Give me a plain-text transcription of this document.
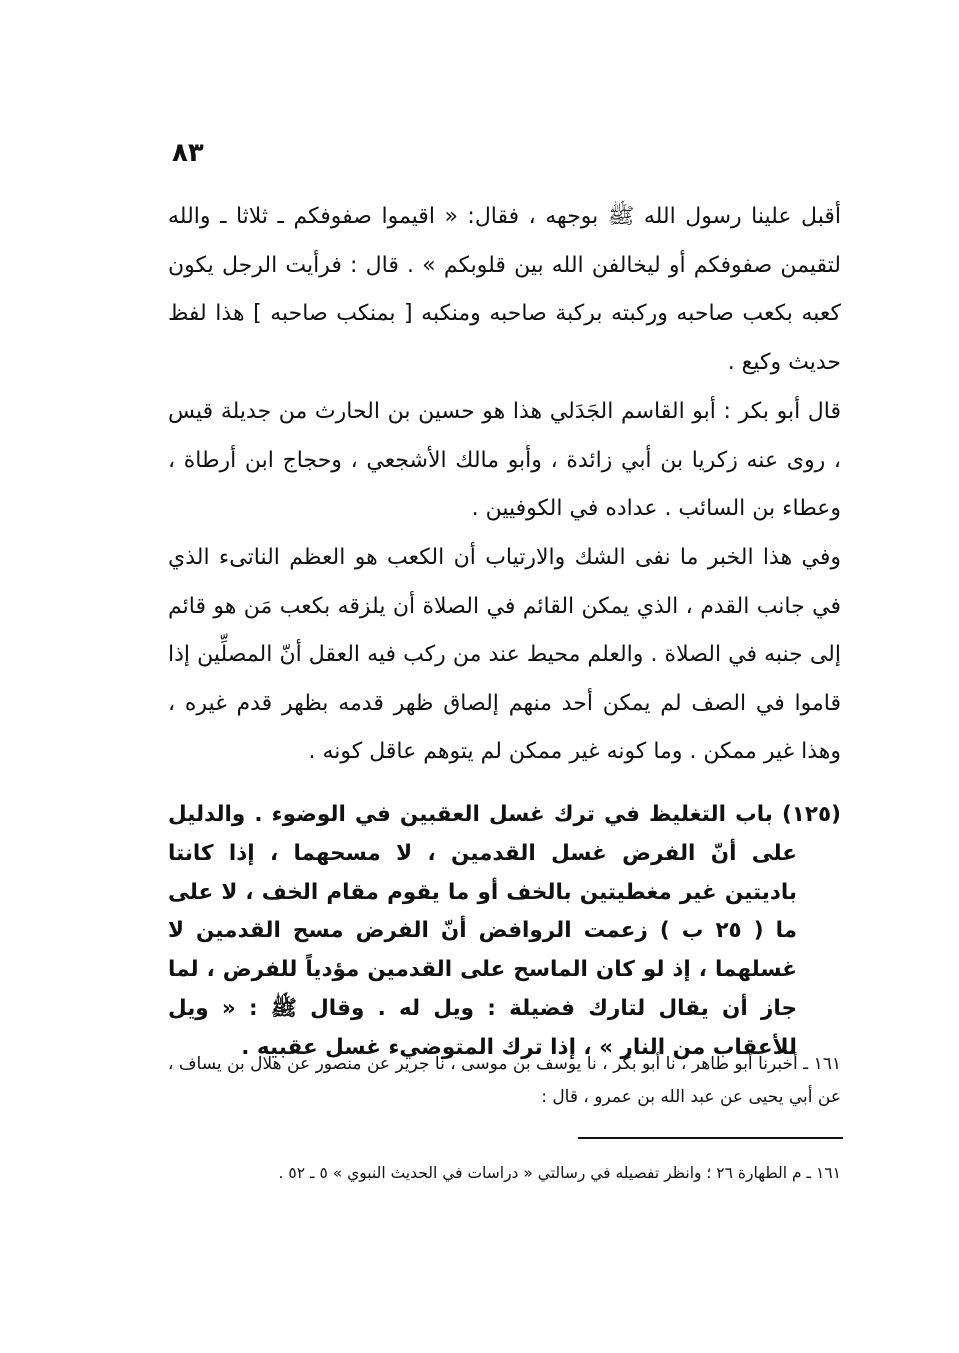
٨٣

أقبل علينا رسول الله ﷺ بوجهه ، فقال: « اقيموا صفوفكم ـ ثلاثا ـ والله لتقيمن صفوفكم أو ليخالفن الله بين قلوبكم » . قال : فرأيت الرجل يكون كعبه بكعب صاحبه وركبته بركبة صاحبه ومنكبه [ بمنكب صاحبه ] هذا لفظ حديث وكيع .

قال أبو بكر : أبو القاسم الجَدَلي هذا هو حسين بن الحارث من جديلة قيس ، روى عنه زكريا بن أبي زائدة ، وأبو مالك الأشجعي ، وحجاج ابن أرطاة ، وعطاء بن السائب . عداده في الكوفيين .

وفي هذا الخبر ما نفى الشك والارتياب أن الكعب هو العظم الناتىء الذي في جانب القدم ، الذي يمكن القائم في الصلاة أن يلزقه بكعب مَن هو قائم إلى جنبه في الصلاة . والعلم محيط عند من ركب فيه العقل أنّ المصلِّين إذا قاموا في الصف لم يمكن أحد منهم إلصاق ظهر قدمه بظهر قدم غيره ، وهذا غير ممكن . وما كونه غير ممكن لم يتوهم عاقل كونه .

(١٢٥) باب التغليظ في ترك غسل العقبين في الوضوء . والدليل على أنّ الفرض غسل القدمين ، لا مسحهما ، إذا كانتا باديتين غير مغطيتين بالخف أو ما يقوم مقام الخف ، لا على ما ( ٢٥ ب ) زعمت الروافض أنّ الفرض مسح القدمين لا غسلهما ، إذ لو كان الماسح على القدمين مؤدياً للفرض ، لما جاز أن يقال لتارك فضيلة : ويل له . وقال ﷺ : « ويل للأعقاب من النار » ، إذا ترك المتوضيء غسل عقبيه .

١٦١ ـ أخبرنا أبو طاهر ، نا أبو بكر ، نا يوسف بن موسى ، نا جرير عن منصور عن هلال بن يساف ، عن أبي يحيى عن عبد الله بن عمرو ، قال :

١٦١ ـ م الطهارة ٢٦ ؛ وانظر تفصيله في رسالتي « دراسات في الحديث النبوي » ٥ ـ ٥٢ .
